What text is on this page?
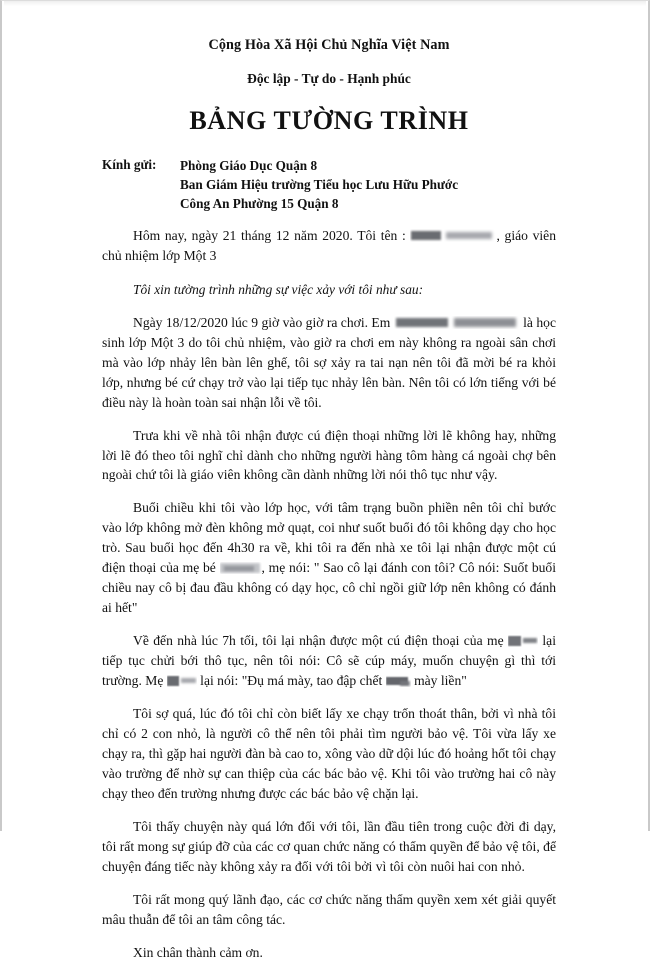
Cộng Hòa Xã Hội Chủ Nghĩa Việt Nam
Độc lập - Tự do - Hạnh phúc
BẢNG TƯỜNG TRÌNH
Kính gửi:	Phòng Giáo Dục Quận 8
Ban Giám Hiệu trường Tiểu học Lưu Hữu Phước
Công An Phường 15 Quận 8

Hôm nay, ngày 21 tháng 12 năm 2020. Tôi tên :	, giáo viên chủ nhiệm lớp Một 3

Tôi xin tường trình những sự việc xảy với tôi như sau:

Ngày 18/12/2020 lúc 9 giờ vào giờ ra chơi. Em	là học sinh lớp Một 3 do tôi chủ nhiệm, vào giờ ra chơi em này không ra ngoài sân chơi mà vào lớp nhảy lên bàn lên ghế, tôi sợ xảy ra tai nạn nên tôi đã mời bé ra khỏi lớp, nhưng bé cứ chạy trở vào lại tiếp tục nhảy lên bàn. Nên tôi có lớn tiếng với bé điều này là hoàn toàn sai nhận lỗi về tôi.

Trưa khi về nhà tôi nhận được cú điện thoại những lời lẽ không hay, những lời lẽ đó theo tôi nghĩ chỉ dành cho những người hàng tôm hàng cá ngoài chợ bên ngoài chứ tôi là giáo viên không cần dành những lời nói thô tục như vậy.

Buổi chiều khi tôi vào lớp học, với tâm trạng buồn phiền nên tôi chỉ bước vào lớp không mở đèn không mở quạt, coi như suốt buổi đó tôi không dạy cho học trò. Sau buổi học đến 4h30 ra về, khi tôi ra đến nhà xe tôi lại nhận được một cú điện thoại của mẹ bé	, mẹ nói: " Sao cô lại đánh con tôi? Cô nói: Suốt buổi chiều nay cô bị đau đầu không có dạy học, cô chỉ ngồi giữ lớp nên không có đánh ai hết"

Về đến nhà lúc 7h tối, tôi lại nhận được một cú điện thoại của mẹ  lại tiếp tục chửi bới thô tục, nên tôi nói: Cô sẽ cúp máy, muốn chuyện gì thì tới trường. Mẹ  lại nói: "Đụ má mày, tao đập chết  mày liền"

Tôi sợ quá, lúc đó tôi chỉ còn biết lấy xe chạy trốn thoát thân, bởi vì nhà tôi chỉ có 2 con nhỏ, là người cô thể nên tôi phải tìm người bảo vệ. Tôi vừa lấy xe chạy ra, thì gặp hai người đàn bà cao to, xông vào dữ dội lúc đó hoảng hốt tôi chạy vào trường để nhờ sự can thiệp của các bác bảo vệ. Khi tôi vào trường hai cô này chạy theo đến trường nhưng được các bác bảo vệ chặn lại.

Tôi thấy chuyện này quá lớn đối với tôi, lần đầu tiên trong cuộc đời đi dạy, tôi rất mong sự giúp đỡ của các cơ quan chức năng có thẩm quyền để bảo vệ tôi, để chuyện đáng tiếc này không xảy ra đối với tôi bởi vì tôi còn nuôi hai con nhỏ.

Tôi rất mong quý lãnh đạo, các cơ chức năng thẩm quyền xem xét giải quyết mâu thuẫn để tôi an tâm công tác.

Xin chân thành cảm ơn.
